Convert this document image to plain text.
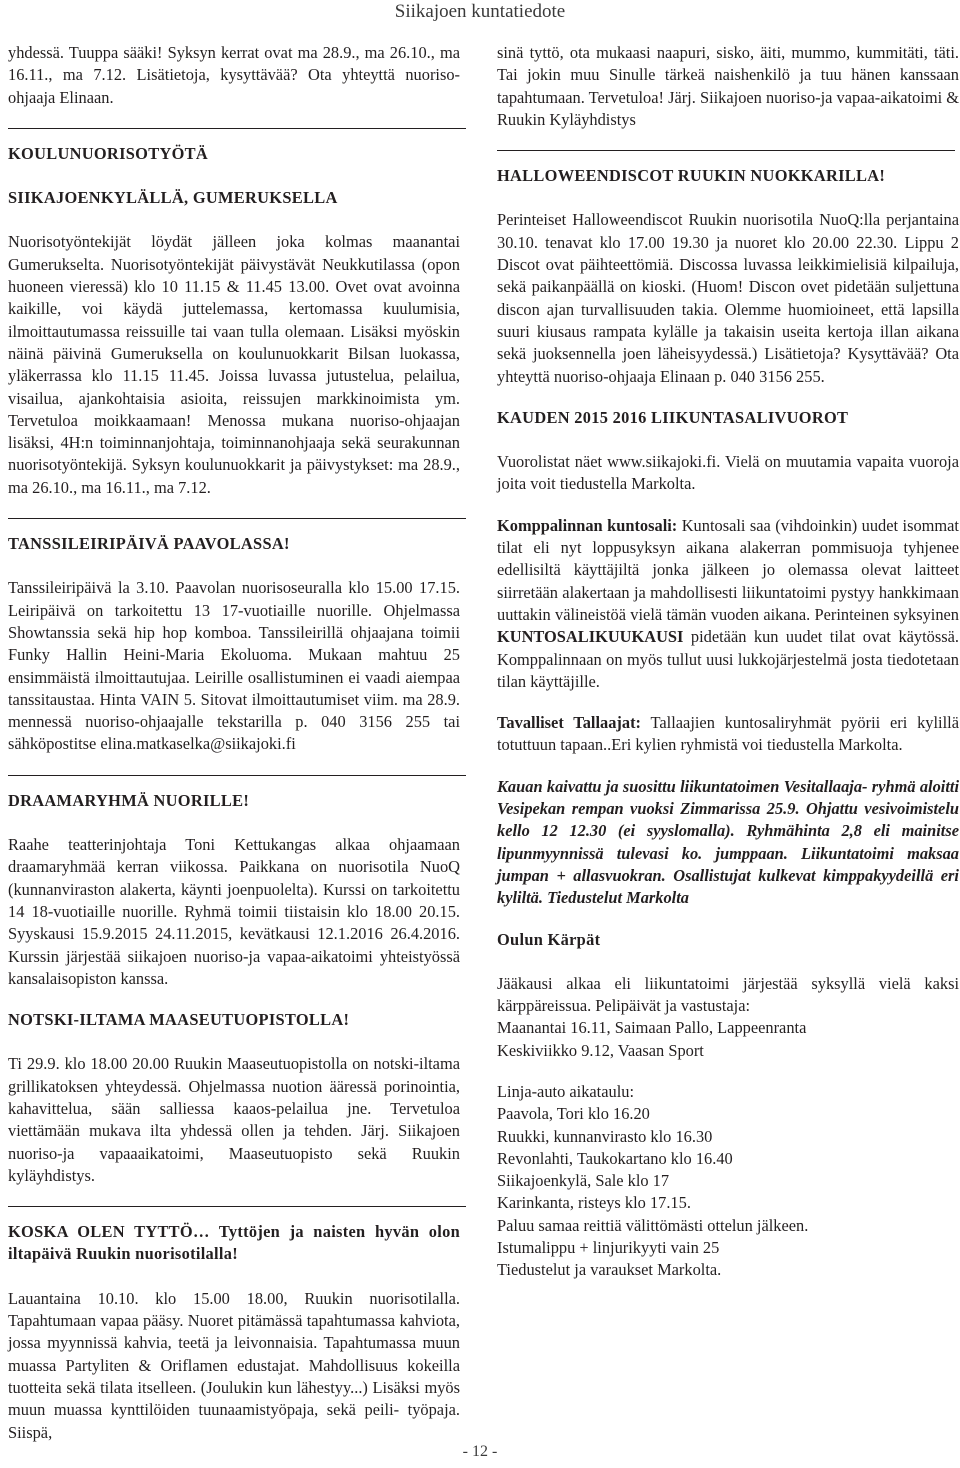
Siikajoen kuntatiedote

yhdessä. Tuuppa sääki! Syksyn kerrat ovat ma 28.9., ma 26.10., ma 16.11., ma 7.12. Lisätietoja, kysyttävää? Ota yhteyttä nuoriso-ohjaaja Elinaan.

KOULUNUORISOTYÖTÄ

SIIKAJOENKYLÄLLÄ, GUMERUKSELLA

Nuorisotyöntekijät löydät jälleen joka kolmas maanantai Gumerukselta. Nuorisotyöntekijät päivystävät Neukkutilassa (opon huoneen vieressä) klo 10 11.15 & 11.45 13.00. Ovet ovat avoinna kaikille, voi käydä juttelemassa, kertomassa kuulumisia, ilmoittautumassa reissuille tai vaan tulla olemaan. Lisäksi myöskin näinä päivinä Gumeruksella on koulunuokkarit Bilsan luokassa, yläkerrassa klo 11.15 11.45. Joissa luvassa jutustelua, pelailua, visailua, ajankohtaisia asioita, reissujen markkinoimista ym. Tervetuloa moikkaamaan! Menossa mukana nuoriso-ohjaajan lisäksi, 4H:n toiminnanjohtaja, toiminnanohjaaja sekä seurakunnan nuorisotyöntekijä. Syksyn koulunuokkarit ja päivystykset: ma 28.9., ma 26.10., ma 16.11., ma 7.12.

TANSSILEIRIPÄIVÄ PAAVOLASSA!

Tanssileiripäivä la 3.10. Paavolan nuorisoseuralla klo 15.00 17.15. Leiripäivä on tarkoitettu 13 17-vuotiaille nuorille. Ohjelmassa Showtanssia sekä hip hop komboa. Tanssileirillä ohjaajana toimii Funky Hallin Heini-Maria Ekoluoma. Mukaan mahtuu 25 ensimmäistä ilmoittautujaa. Leirille osallistuminen ei vaadi aiempaa tanssitaustaa. Hinta VAIN 5. Sitovat ilmoittautumiset viim. ma 28.9. mennessä nuoriso-ohjaajalle tekstarilla p. 040 3156 255 tai sähköpostitse elina.matkaselka@siikajoki.fi

DRAAMARYHMÄ NUORILLE!

Raahe teatterinjohtaja Toni Kettukangas alkaa ohjaamaan draamaryhmää kerran viikossa. Paikkana on nuorisotila NuoQ (kunnanviraston alakerta, käynti joenpuolelta). Kurssi on tarkoitettu 14 18-vuotiaille nuorille. Ryhmä toimii tiistaisin klo 18.00 20.15. Syyskausi 15.9.2015 24.11.2015, kevätkausi 12.1.2016 26.4.2016. Kurssin järjestää siikajoen nuoriso-ja vapaa-aikatoimi yhteistyössä kansalaisopiston kanssa.

NOTSKI-ILTAMA MAASEUTUOPISTOLLA!

Ti 29.9. klo 18.00 20.00 Ruukin Maaseutuopistolla on notski-iltama grillikatoksen yhteydessä. Ohjelmassa nuotion ääressä porinointia, kahavittelua, sään salliessa kaaos-pelailua jne. Tervetuloa viettämään mukava ilta yhdessä ollen ja tehden. Järj. Siikajoen nuoriso-ja vapaaaikatoimi, Maaseutuopisto sekä Ruukin kyläyhdistys.

KOSKA OLEN TYTTÖ… Tyttöjen ja naisten hyvän olon iltapäivä Ruukin nuorisotilalla!

Lauantaina 10.10. klo 15.00 18.00, Ruukin nuorisotilalla. Tapahtumaan vapaa pääsy. Nuoret pitämässä tapahtumassa kahviota, jossa myynnissä kahvia, teetä ja leivonnaisia. Tapahtumassa muun muassa Partyliten & Oriflamen edustajat. Mahdollisuus kokeilla tuotteita sekä tilata itselleen. (Joulukin kun lähestyy...) Lisäksi myös muun muassa kynttilöiden tuunaamistyöpaja, sekä peili- työpaja. Siispä,

sinä tyttö, ota mukaasi naapuri, sisko, äiti, mummo, kummitäti, täti. Tai jokin muu Sinulle tärkeä naishenkilö ja tuu hänen kanssaan tapahtumaan. Tervetuloa! Järj. Siikajoen nuoriso-ja vapaa-aikatoimi & Ruukin Kyläyhdistys

HALLOWEENDISCOT RUUKIN NUOKKARILLA!

Perinteiset Halloweendiscot Ruukin nuorisotila NuoQ:lla perjantaina 30.10. tenavat klo 17.00 19.30 ja nuoret klo 20.00 22.30. Lippu 2 Discot ovat päihteettömiä. Discossa luvassa leikkimielisiä kilpailuja, sekä paikanpäällä on kioski. (Huom! Discon ovet pidetään suljettuna discon ajan turvallisuuden takia. Olemme huomioineet, että lapsilla suuri kiusaus rampata kylälle ja takaisin useita kertoja illan aikana sekä juoksennella joen läheisyydessä.) Lisätietoja? Kysyttävää? Ota yhteyttä nuoriso-ohjaaja Elinaan p. 040 3156 255.

KAUDEN 2015 2016 LIIKUNTASALIVUOROT

Vuorolistat näet www.siikajoki.fi. Vielä on muutamia vapaita vuoroja joita voit tiedustella Markolta.

Komppalinnan kuntosali: Kuntosali saa (vihdoinkin) uudet isommat tilat eli nyt loppusyksyn aikana alakerran pommisuoja tyhjenee edellisiltä käyttäjiltä jonka jälkeen jo olemassa olevat laitteet siirretään alakertaan ja mahdollisesti liikuntatoimi pystyy hankkimaan uuttakin välineistöä vielä tämän vuoden aikana. Perinteinen syksyinen KUNTOSALIKUUKAUSI pidetään kun uudet tilat ovat käytössä. Komppalinnaan on myös tullut uusi lukkojärjestelmä josta tiedotetaan tilan käyttäjille.

Tavalliset Tallaajat: Tallaajien kuntosaliryhmät pyörii eri kylillä totuttuun tapaan..Eri kylien ryhmistä voi tiedustella Markolta.

Kauan kaivattu ja suosittu liikuntatoimen Vesitallaaja- ryhmä aloitti Vesipekan rempan vuoksi Zimmarissa 25.9. Ohjattu vesivoimistelu kello 12 12.30 (ei syyslomalla). Ryhmähinta 2,8 eli mainitse lipunmyynnissä tulevasi ko. jumppaan. Liikuntatoimi maksaa jumpan + allasvuokran. Osallistujat kulkevat kimppakyydeillä eri kyliltä. Tiedustelut Markolta

Oulun Kärpät

Jääkausi alkaa eli liikuntatoimi järjestää syksyllä vielä kaksi kärppäreissua. Pelipäivät ja vastustaja:

Maanantai 16.11, Saimaan Pallo, Lappeenranta
Keskiviikko 9.12, Vaasan Sport
Linja-auto aikataulu:
Paavola, Tori klo 16.20
Ruukki, kunnanvirasto klo 16.30
Revonlahti, Taukokartano klo 16.40
Siikajoenkylä, Sale klo 17
Karinkanta, risteys klo 17.15.
Paluu samaa reittiä välittömästi ottelun jälkeen.
Istumalippu + linjurikyyti vain 25
Tiedustelut ja varaukset Markolta.
- 12 -
